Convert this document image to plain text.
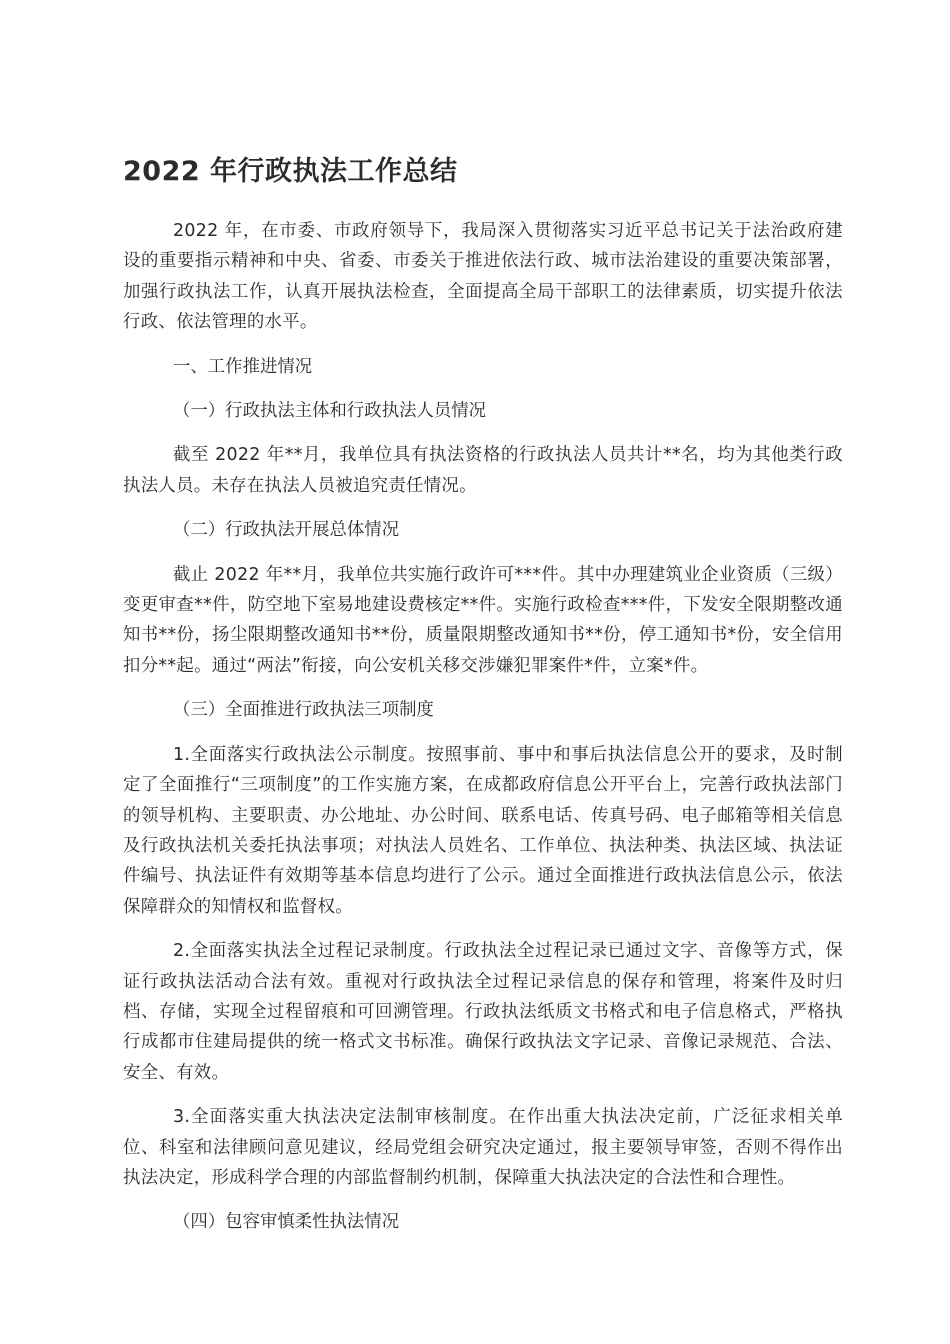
2022 年行政执法工作总结

2022 年，在市委、市政府领导下，我局深入贯彻落实习近平总书记关于法治政府建设的重要指示精神和中央、省委、市委关于推进依法行政、城市法治建设的重要决策部署，加强行政执法工作，认真开展执法检查，全面提高全局干部职工的法律素质，切实提升依法行政、依法管理的水平。

一、工作推进情况

（一）行政执法主体和行政执法人员情况

截至 2022 年**月，我单位具有执法资格的行政执法人员共计**名，均为其他类行政执法人员。未存在执法人员被追究责任情况。

（二）行政执法开展总体情况

截止 2022 年**月，我单位共实施行政许可***件。其中办理建筑业企业资质（三级）变更审查**件，防空地下室易地建设费核定**件。实施行政检查***件，下发安全限期整改通知书**份，扬尘限期整改通知书**份，质量限期整改通知书**份，停工通知书*份，安全信用扣分**起。通过“两法”衔接，向公安机关移交涉嫌犯罪案件*件，立案*件。

（三）全面推进行政执法三项制度

1.全面落实行政执法公示制度。按照事前、事中和事后执法信息公开的要求，及时制定了全面推行“三项制度”的工作实施方案，在成都政府信息公开平台上，完善行政执法部门的领导机构、主要职责、办公地址、办公时间、联系电话、传真号码、电子邮箱等相关信息及行政执法机关委托执法事项；对执法人员姓名、工作单位、执法种类、执法区域、执法证件编号、执法证件有效期等基本信息均进行了公示。通过全面推进行政执法信息公示，依法保障群众的知情权和监督权。

2.全面落实执法全过程记录制度。行政执法全过程记录已通过文字、音像等方式，保证行政执法活动合法有效。重视对行政执法全过程记录信息的保存和管理，将案件及时归档、存储，实现全过程留痕和可回溯管理。行政执法纸质文书格式和电子信息格式，严格执行成都市住建局提供的统一格式文书标准。确保行政执法文字记录、音像记录规范、合法、安全、有效。

3.全面落实重大执法决定法制审核制度。在作出重大执法决定前，广泛征求相关单位、科室和法律顾问意见建议，经局党组会研究决定通过，报主要领导审签，否则不得作出执法决定，形成科学合理的内部监督制约机制，保障重大执法决定的合法性和合理性。

（四）包容审慎柔性执法情况
